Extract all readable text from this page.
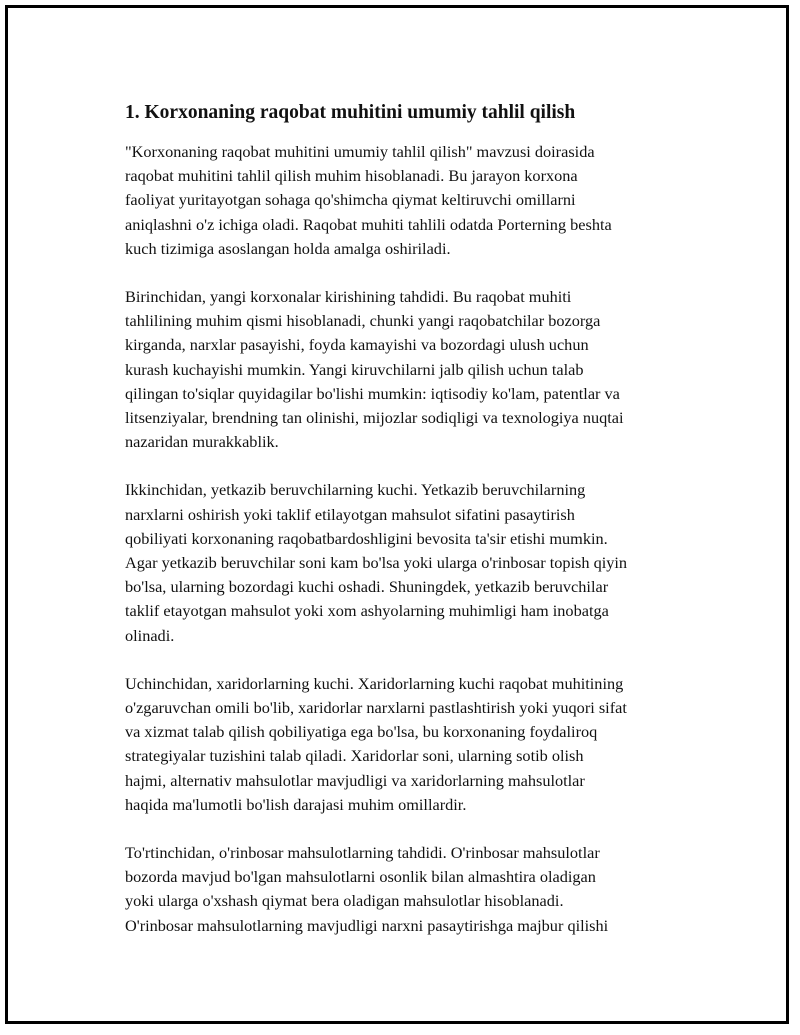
1. Korxonaning raqobat muhitini umumiy tahlil qilish

"Korxonaning raqobat muhitini umumiy tahlil qilish" mavzusi doirasida
raqobat muhitini tahlil qilish muhim hisoblanadi. Bu jarayon korxona
faoliyat yuritayotgan sohaga qo'shimcha qiymat keltiruvchi omillarni
aniqlashni o'z ichiga oladi. Raqobat muhiti tahlili odatda Porterning beshta
kuch tizimiga asoslangan holda amalga oshiriladi.

Birinchidan, yangi korxonalar kirishining tahdidi. Bu raqobat muhiti
tahlilining muhim qismi hisoblanadi, chunki yangi raqobatchilar bozorga
kirganda, narxlar pasayishi, foyda kamayishi va bozordagi ulush uchun
kurash kuchayishi mumkin. Yangi kiruvchilarni jalb qilish uchun talab
qilingan to'siqlar quyidagilar bo'lishi mumkin: iqtisodiy ko'lam, patentlar va
litsenziyalar, brendning tan olinishi, mijozlar sodiqligi va texnologiya nuqtai
nazaridan murakkablik.

Ikkinchidan, yetkazib beruvchilarning kuchi. Yetkazib beruvchilarning
narxlarni oshirish yoki taklif etilayotgan mahsulot sifatini pasaytirish
qobiliyati korxonaning raqobatbardoshligini bevosita ta'sir etishi mumkin.
Agar yetkazib beruvchilar soni kam bo'lsa yoki ularga o'rinbosar topish qiyin
bo'lsa, ularning bozordagi kuchi oshadi. Shuningdek, yetkazib beruvchilar
taklif etayotgan mahsulot yoki xom ashyolarning muhimligi ham inobatga
olinadi.

Uchinchidan, xaridorlarning kuchi. Xaridorlarning kuchi raqobat muhitining
o'zgaruvchan omili bo'lib, xaridorlar narxlarni pastlashtirish yoki yuqori sifat
va xizmat talab qilish qobiliyatiga ega bo'lsa, bu korxonaning foydaliroq
strategiyalar tuzishini talab qiladi. Xaridorlar soni, ularning sotib olish
hajmi, alternativ mahsulotlar mavjudligi va xaridorlarning mahsulotlar
haqida ma'lumotli bo'lish darajasi muhim omillardir.

To'rtinchidan, o'rinbosar mahsulotlarning tahdidi. O'rinbosar mahsulotlar
bozorda mavjud bo'lgan mahsulotlarni osonlik bilan almashtira oladigan
yoki ularga o'xshash qiymat bera oladigan mahsulotlar hisoblanadi.
O'rinbosar mahsulotlarning mavjudligi narxni pasaytirishga majbur qilishi
